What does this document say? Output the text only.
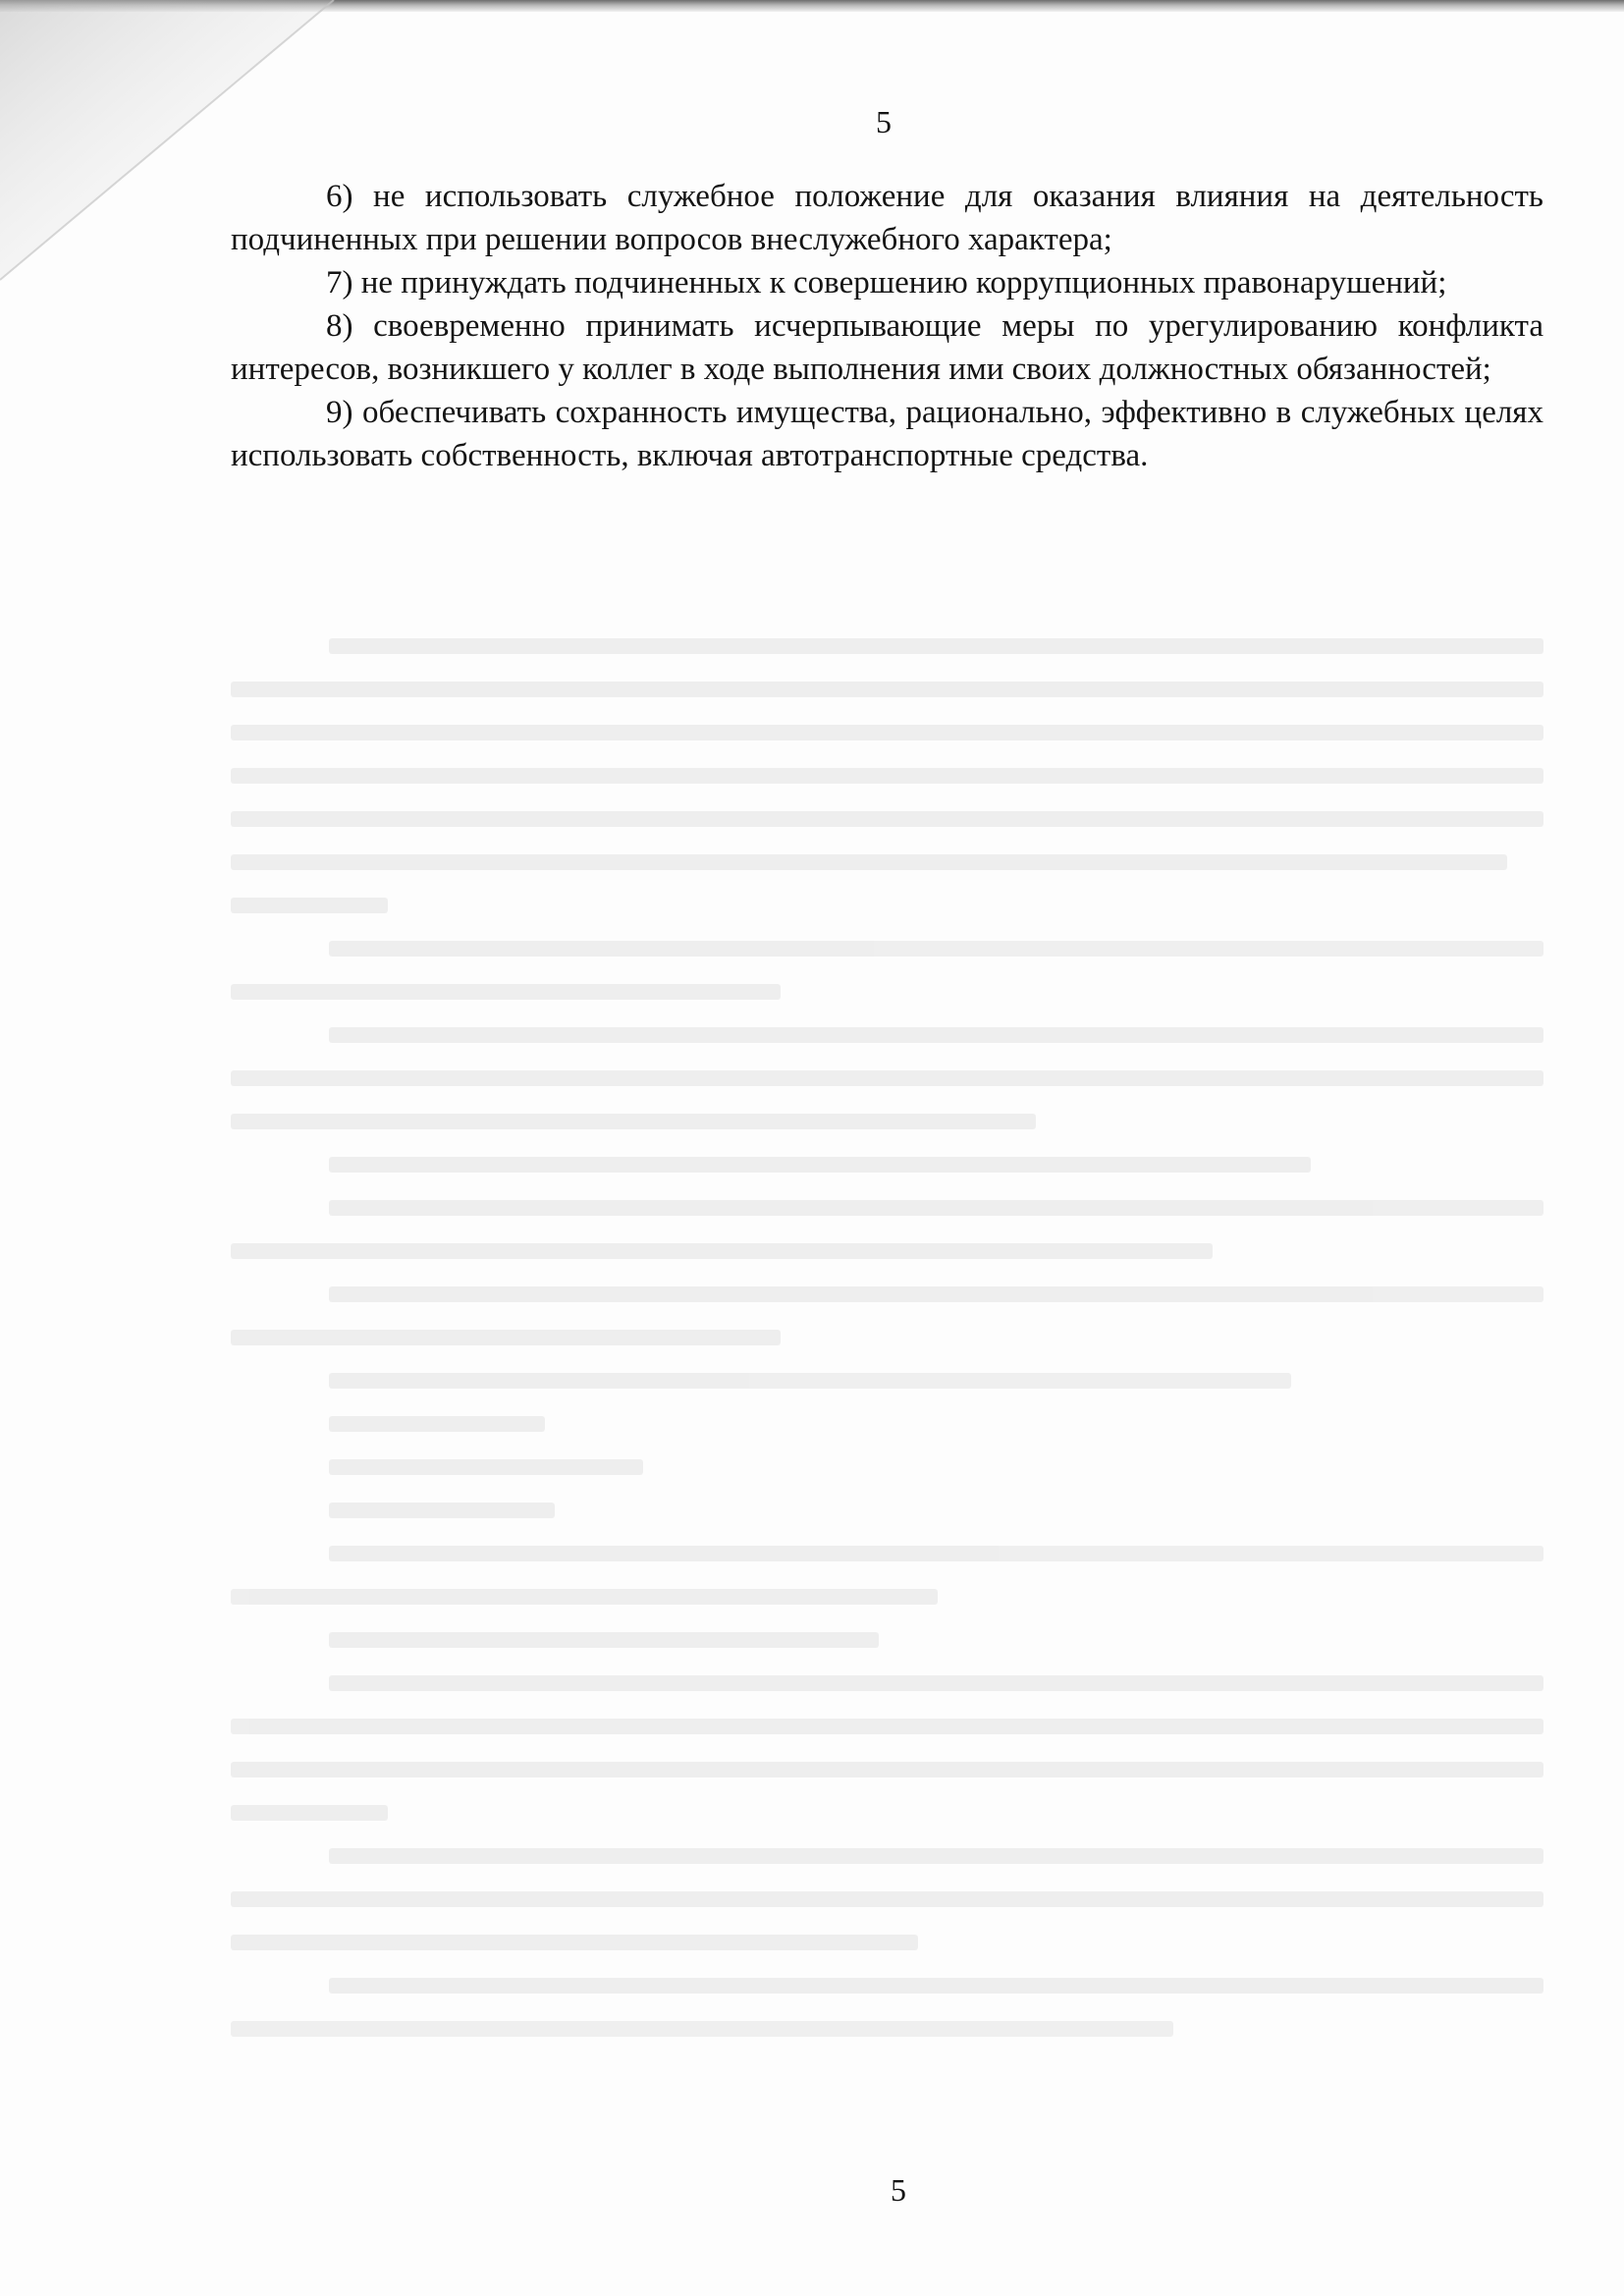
5

6) не использовать служебное положение для оказания влияния на деятельность подчиненных при решении вопросов внеслужебного характера;

7) не принуждать подчиненных к совершению коррупционных правонарушений;

8) своевременно принимать исчерпывающие меры по урегулированию конфликта интересов, возникшего у коллег в ходе выполнения ими своих должностных обязанностей;

9) обеспечивать сохранность имущества, рационально, эффективно в служебных целях использовать собственность, включая автотранспортные средства.

5
